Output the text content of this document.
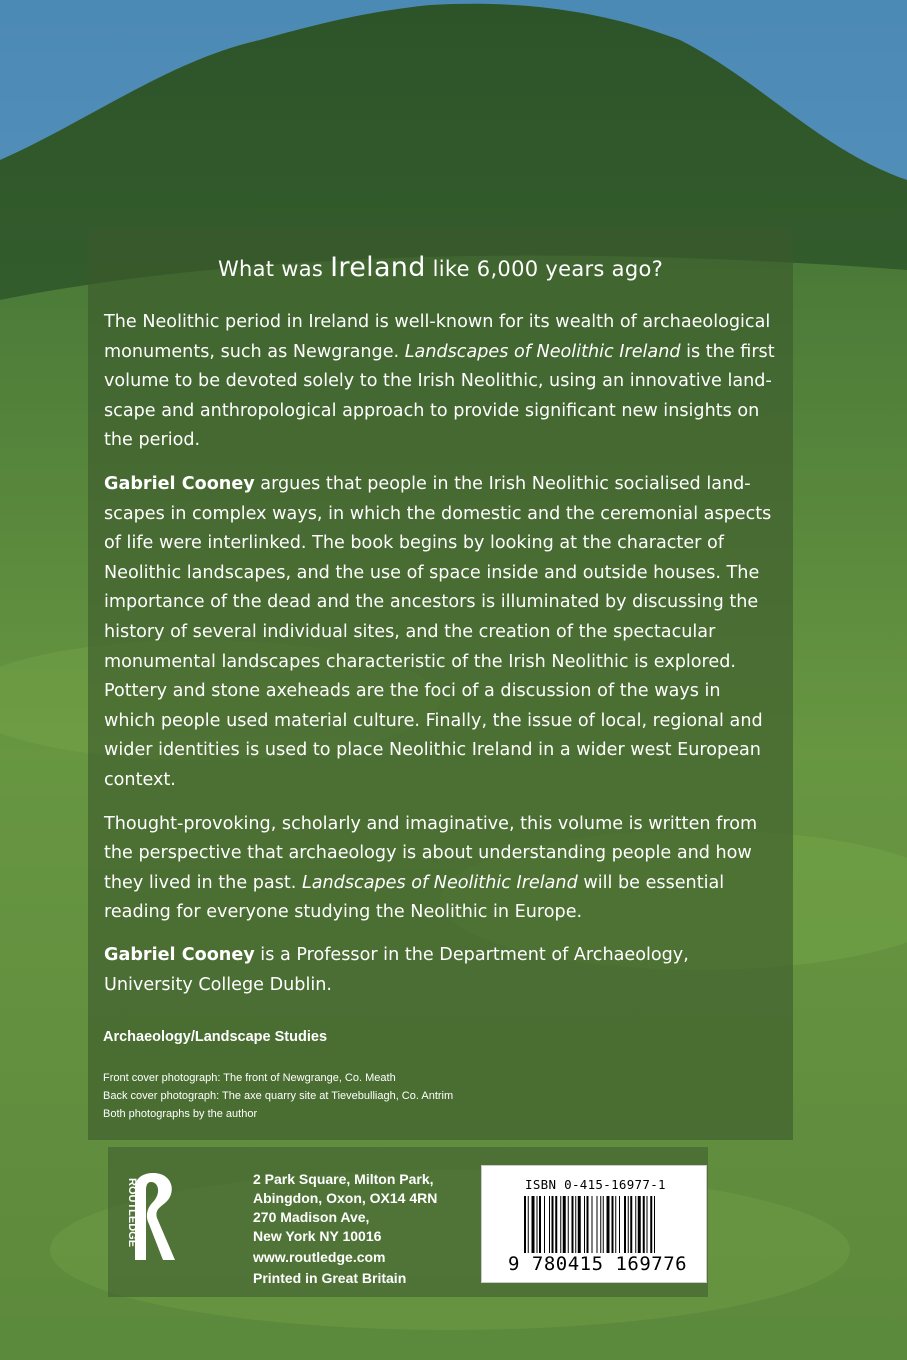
What was Ireland like 6,000 years ago?

The Neolithic period in Ireland is well-known for its wealth of archaeological monuments, such as Newgrange. Landscapes of Neolithic Ireland is the first volume to be devoted solely to the Irish Neolithic, using an innovative land-scape and anthropological approach to provide significant new insights on the period.

Gabriel Cooney argues that people in the Irish Neolithic socialised land-scapes in complex ways, in which the domestic and the ceremonial aspects of life were interlinked. The book begins by looking at the character of Neolithic landscapes, and the use of space inside and outside houses. The importance of the dead and the ancestors is illuminated by discussing the history of several individual sites, and the creation of the spectacular monumental landscapes characteristic of the Irish Neolithic is explored. Pottery and stone axeheads are the foci of a discussion of the ways in which people used material culture. Finally, the issue of local, regional and wider identities is used to place Neolithic Ireland in a wider west European context.

Thought-provoking, scholarly and imaginative, this volume is written from the perspective that archaeology is about understanding people and how they lived in the past. Landscapes of Neolithic Ireland will be essential reading for everyone studying the Neolithic in Europe.

Gabriel Cooney is a Professor in the Department of Archaeology, University College Dublin.
Archaeology/Landscape Studies
Front cover photograph: The front of Newgrange, Co. Meath
Back cover photograph: The axe quarry site at Tievebulliagh, Co. Antrim
Both photographs by the author
ROUTLEDGE	2 Park Square, Milton Park,
Abingdon, Oxon, OX14 4RN
270 Madison Ave,
New York NY 10016
www.routledge.com
Printed in Great Britain
ISBN 0-415-16977-1
9 780415 169776
